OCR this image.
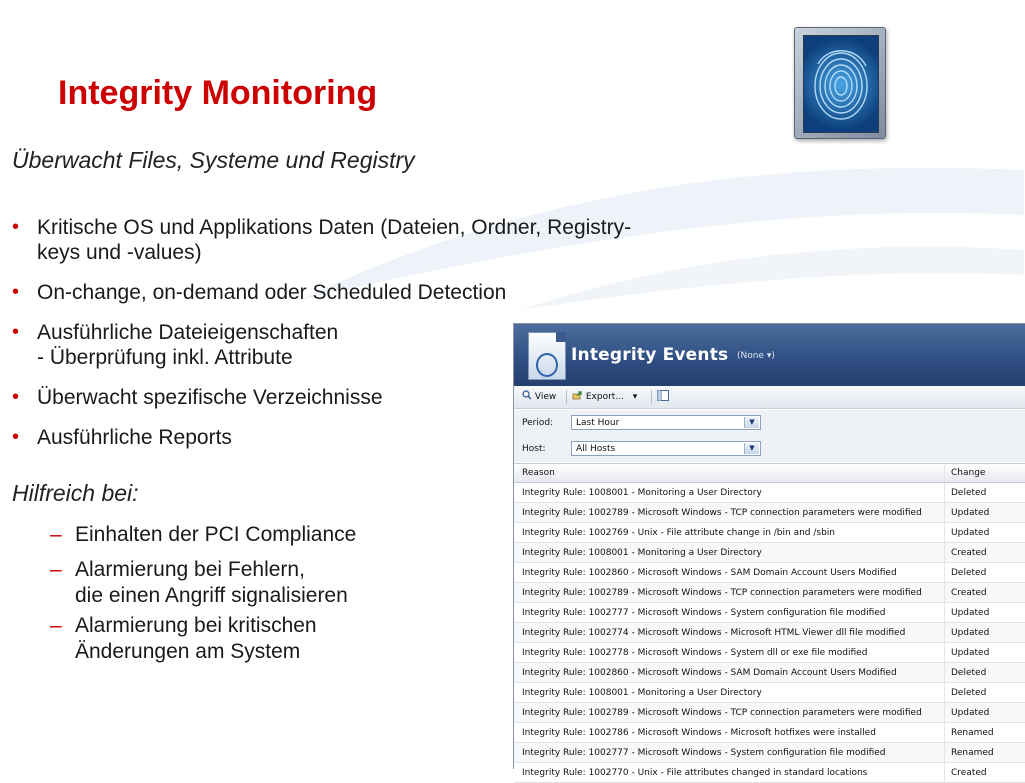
Integrity Monitoring
Überwacht Files, Systeme und Registry
• Kritische OS und Applikations Daten (Dateien, Ordner, Registry-
keys und -values)
• On-change, on-demand oder Scheduled Detection
• Ausführliche Dateieigenschaften
- Überprüfung inkl. Attribute
• Überwacht spezifische Verzeichnisse
• Ausführliche Reports
Hilfreich bei:
– Einhalten der PCI Compliance
– Alarmierung bei Fehlern,
die einen Angriff signalisieren
– Alarmierung bei kritischen
Änderungen am System
Integrity Events (None ▾)
View	Export... ▾
Period:	Last Hour	▼
Host:	All Hosts	▼
Reason	Change
Integrity Rule: 1008001 - Monitoring a User Directory	Deleted
Integrity Rule: 1002789 - Microsoft Windows - TCP connection parameters were modified	Updated
Integrity Rule: 1002769 - Unix - File attribute change in /bin and /sbin	Updated
Integrity Rule: 1008001 - Monitoring a User Directory	Created
Integrity Rule: 1002860 - Microsoft Windows - SAM Domain Account Users Modified	Deleted
Integrity Rule: 1002789 - Microsoft Windows - TCP connection parameters were modified	Created
Integrity Rule: 1002777 - Microsoft Windows - System configuration file modified	Updated
Integrity Rule: 1002774 - Microsoft Windows - Microsoft HTML Viewer dll file modified	Updated
Integrity Rule: 1002778 - Microsoft Windows - System dll or exe file modified	Updated
Integrity Rule: 1002860 - Microsoft Windows - SAM Domain Account Users Modified	Deleted
Integrity Rule: 1008001 - Monitoring a User Directory	Deleted
Integrity Rule: 1002789 - Microsoft Windows - TCP connection parameters were modified	Updated
Integrity Rule: 1002786 - Microsoft Windows - Microsoft hotfixes were installed	Renamed
Integrity Rule: 1002777 - Microsoft Windows - System configuration file modified	Renamed
Integrity Rule: 1002770 - Unix - File attributes changed in standard locations	Created
